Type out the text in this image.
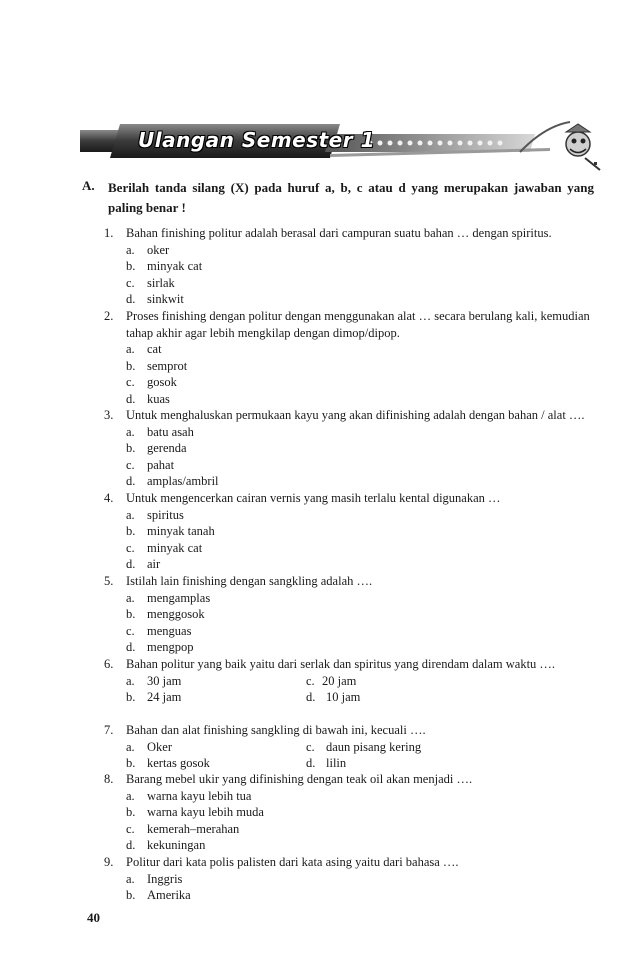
Ulangan Semester 1
A. Berilah tanda silang (X) pada huruf a, b, c atau d yang merupakan jawaban yang paling benar !
1.	Bahan finishing politur adalah berasal dari campuran suatu bahan … dengan spiritus.
a. oker
b. minyak cat
c. sirlak
d. sinkwit
2.	Proses finishing dengan politur dengan menggunakan alat … secara berulang kali, kemudian tahap akhir agar lebih mengkilap dengan dimop/dipop.
a. cat
b. semprot
c. gosok
d. kuas
3.	Untuk menghaluskan permukaan kayu yang akan difinishing adalah dengan bahan / alat ….
a. batu asah
b. gerenda
c. pahat
d. amplas/ambril
4.	Untuk mengencerkan cairan vernis yang masih terlalu kental digunakan …
a. spiritus
b. minyak tanah
c. minyak cat
d. air
5.	Istilah lain finishing dengan sangkling adalah ….
a. mengamplas
b. menggosok
c. menguas
d. mengpop
6.	Bahan politur yang baik yaitu dari serlak dan spiritus yang direndam dalam waktu ….
a. 30 jam	c. 20 jam
b. 24 jam	d. 10 jam
7.	Bahan dan alat finishing sangkling di bawah ini, kecuali ….
a. Oker	c. daun pisang kering
b. kertas gosok	d. lilin
8.	Barang mebel ukir yang difinishing dengan teak oil akan menjadi ….
a. warna kayu lebih tua
b. warna kayu lebih muda
c. kemerah–merahan
d. kekuningan
9.	Politur dari kata polis palisten dari kata asing yaitu dari bahasa ….
a. Inggris
b. Amerika
40
